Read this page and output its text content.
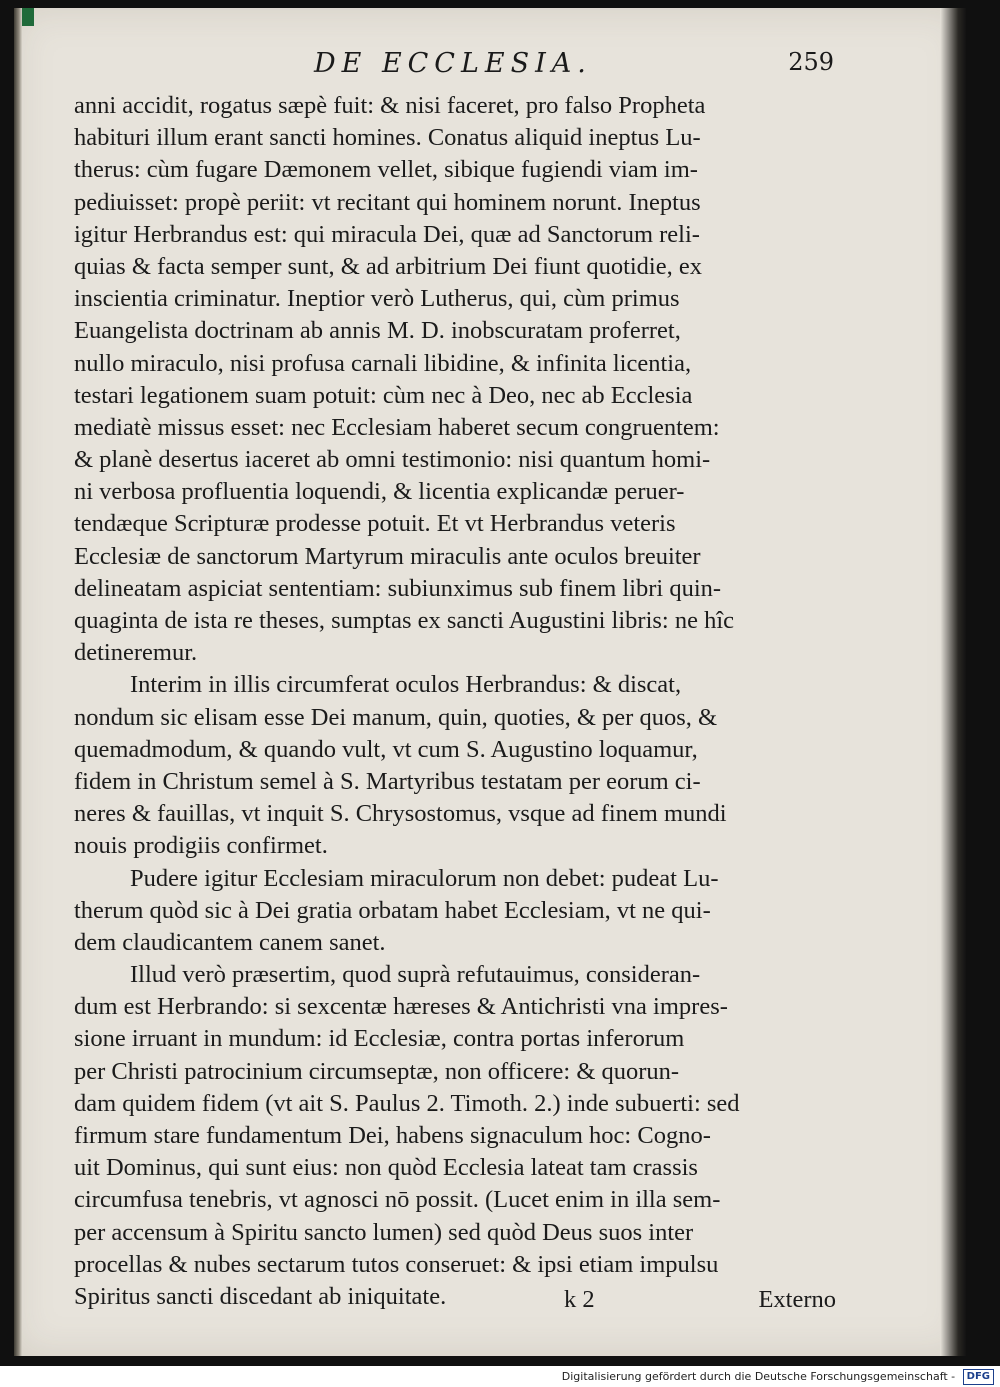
DE ECCLESIA.	259
anni accidit, rogatus sæpè fuit: & nisi faceret, pro falso Propheta
habituri illum erant sancti homines. Conatus aliquid ineptus Lu-
therus: cùm fugare Dæmonem vellet, sibique fugiendi viam im-
pediuisset: propè periit: vt recitant qui hominem norunt. Ineptus
igitur Herbrandus est: qui miracula Dei, quæ ad Sanctorum reli-
quias & facta semper sunt, & ad arbitrium Dei fiunt quotidie, ex
inscientia criminatur. Ineptior verò Lutherus, qui, cùm primus
Euangelista doctrinam ab annis M. D. inobscuratam proferret,
nullo miraculo, nisi profusa carnali libidine, & infinita licentia,
testari legationem suam potuit: cùm nec à Deo, nec ab Ecclesia
mediatè missus esset: nec Ecclesiam haberet secum congruentem:
& planè desertus iaceret ab omni testimonio: nisi quantum homi-
ni verbosa profluentia loquendi, & licentia explicandæ peruer-
tendæque Scripturæ prodesse potuit. Et vt Herbrandus veteris
Ecclesiæ de sanctorum Martyrum miraculis ante oculos breuiter
delineatam aspiciat sententiam: subiunximus sub finem libri quin-
quaginta de ista re theses, sumptas ex sancti Augustini libris: ne hîc
detineremur.
Interim in illis circumferat oculos Herbrandus: & discat,
nondum sic elisam esse Dei manum, quin, quoties, & per quos, &
quemadmodum, & quando vult, vt cum S. Augustino loquamur,
fidem in Christum semel à S. Martyribus testatam per eorum ci-
neres & fauillas, vt inquit S. Chrysostomus, vsque ad finem mundi
nouis prodigiis confirmet.
Pudere igitur Ecclesiam miraculorum non debet: pudeat Lu-
therum quòd sic à Dei gratia orbatam habet Ecclesiam, vt ne qui-
dem claudicantem canem sanet.
Illud verò præsertim, quod suprà refutauimus, consideran-
dum est Herbrando: si sexcentæ hæreses & Antichristi vna impres-
sione irruant in mundum: id Ecclesiæ, contra portas inferorum
per Christi patrocinium circumseptæ, non officere: & quorun-
dam quidem fidem (vt ait S. Paulus 2. Timoth. 2.) inde subuerti: sed
firmum stare fundamentum Dei, habens signaculum hoc: Cogno-
uit Dominus, qui sunt eius: non quòd Ecclesia lateat tam crassis
circumfusa tenebris, vt agnosci nō possit. (Lucet enim in illa sem-
per accensum à Spiritu sancto lumen) sed quòd Deus suos inter
procellas & nubes sectarum tutos conseruet: & ipsi etiam impulsu
Spiritus sancti discedant ab iniquitate.	k 2	Externo
Digitalisierung gefördert durch die Deutsche Forschungsgemeinschaft - DFG
